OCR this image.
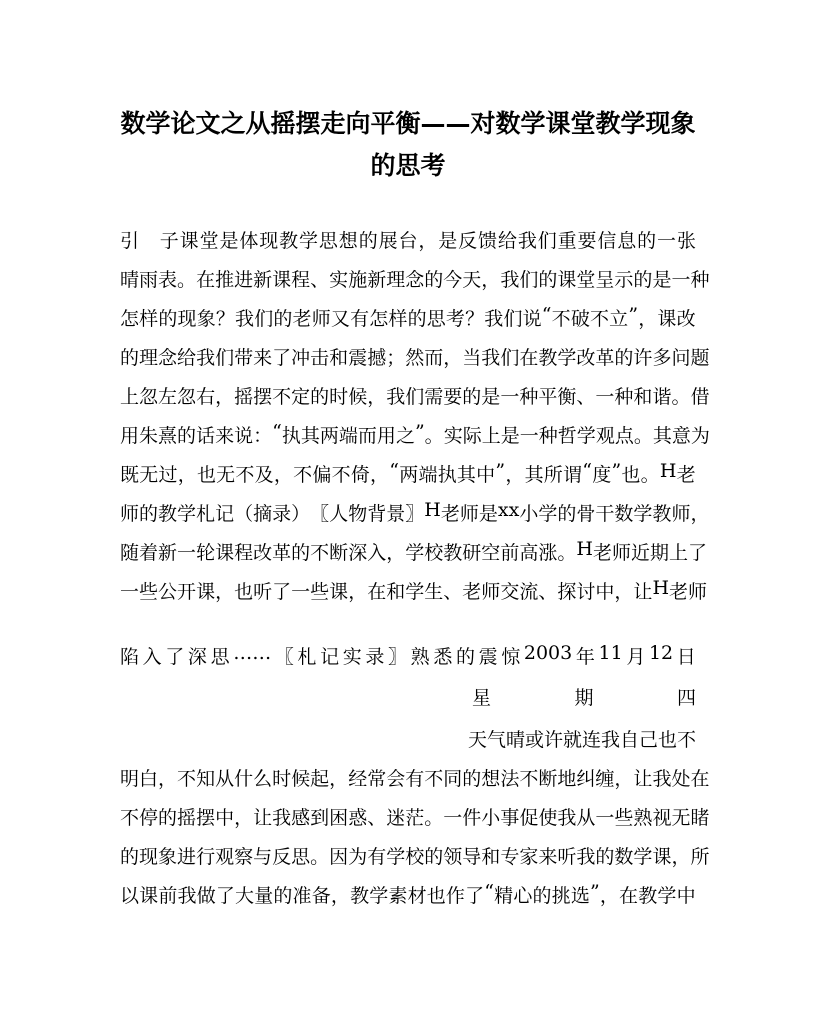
数学论文之从摇摆走向平衡——对数学课堂教学现象
的思考
引
　 子 课 堂 是 体 现 教 学 思 想 的 展 台 ， 是 反 馈 给 我 们 重 要 信 息 的 一 张
晴 雨 表 。 在 推 进 新 课 程 、 实 施 新 理 念 的 今 天 ， 我 们 的 课 堂 呈 示 的 是 一 种
怎 样 的 现 象 ？ 我 们 的 老 师 又 有 怎 样 的 思 考 ？ 我 们 说 “ 不 破 不 立 ” ， 课 改
的 理 念 给 我 们 带 来 了 冲 击 和 震 撼 ； 然 而 ， 当 我 们 在 教 学 改 革 的 许 多 问 题
上 忽 左 忽 右 ， 摇 摆 不 定 的 时 候 ， 我 们 需 要 的 是 一 种 平 衡 、 一 种 和 谐 。 借
用 朱 熹 的 话 来 说 ： “ 执 其 两 端 而 用 之 ” 。 实 际 上 是 一 种 哲 学 观 点 。 其 意 为
既 无 过 ， 也 无 不 及 ， 不 偏 不 倚 ， “ 两 端 执 其 中 ” ， 其 所 谓 “ 度 ” 也 。 H 老
师 的 教 学 札 记 （ 摘 录 ） 〖 人 物 背 景 〗 H 老 师 是 x x 小 学 的 骨 干 数 学 教 师 ，
随 着 新 一 轮 课 程 改 革 的 不 断 深 入 ， 学 校 教 研 空 前 高 涨 。 H 老 师 近 期 上 了
一 些 公 开 课 ， 也 听 了 一 些 课 ， 在 和 学 生 、 老 师 交 流 、 探 讨 中 ， 让 H 老 师
陷 入 了 深 思 …… 〖 札 记 实 录 〗 熟 悉 的 震 惊 2003 年 11 月 12 日
星	期	四
天气晴或许就连我自己也不
明 白 ， 不 知 从 什 么 时 候 起 ， 经 常 会 有 不 同 的 想 法 不 断 地 纠 缠 ， 让 我 处 在
不 停 的 摇 摆 中 ， 让 我 感 到 困 惑 、 迷 茫 。 一 件 小 事 促 使 我 从 一 些 熟 视 无 睹
的 现 象 进 行 观 察 与 反 思 。 因 为 有 学 校 的 领 导 和 专 家 来 听 我 的 数 学 课 ， 所
以 课 前 我 做 了 大 量 的 准 备 ， 教 学 素 材 也 作 了 “ 精 心 的 挑 选 ” ， 在 教 学 中
